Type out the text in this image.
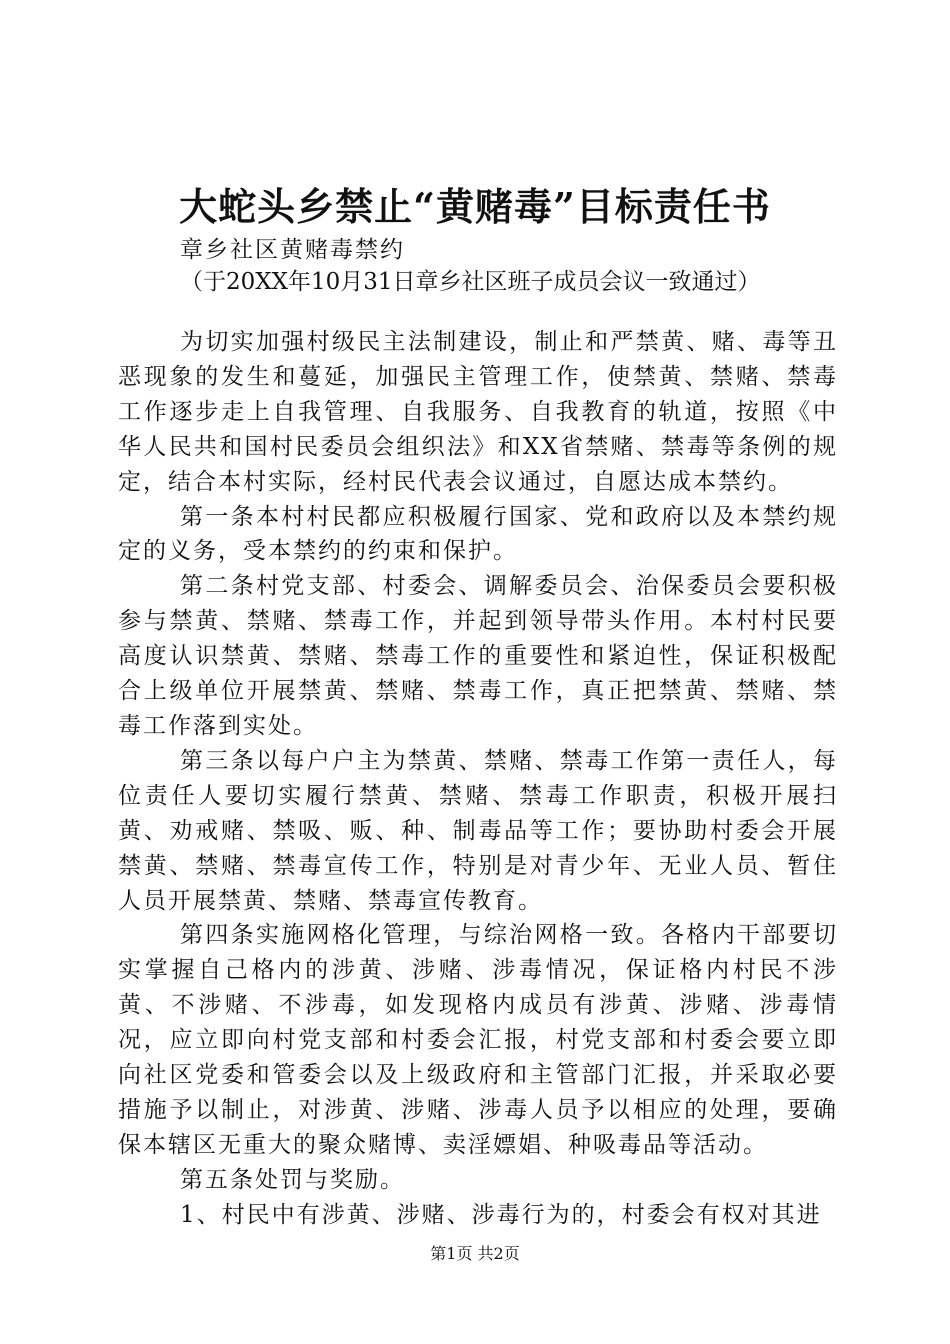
大蛇头乡禁止“黄赌毒”目标责任书
章乡社区黄赌毒禁约
（于20XX年10月31日章乡社区班子成员会议一致通过）

为切实加强村级民主法制建设，制止和严禁黄、赌、毒等丑恶现象的发生和蔓延，加强民主管理工作，使禁黄、禁赌、禁毒工作逐步走上自我管理、自我服务、自我教育的轨道，按照《中华人民共和国村民委员会组织法》和XX省禁赌、禁毒等条例的规定，结合本村实际，经村民代表会议通过，自愿达成本禁约。

第一条本村村民都应积极履行国家、党和政府以及本禁约规定的义务，受本禁约的约束和保护。

第二条村党支部、村委会、调解委员会、治保委员会要积极参与禁黄、禁赌、禁毒工作，并起到领导带头作用。本村村民要高度认识禁黄、禁赌、禁毒工作的重要性和紧迫性，保证积极配合上级单位开展禁黄、禁赌、禁毒工作，真正把禁黄、禁赌、禁毒工作落到实处。

第三条以每户户主为禁黄、禁赌、禁毒工作第一责任人，每位责任人要切实履行禁黄、禁赌、禁毒工作职责，积极开展扫黄、劝戒赌、禁吸、贩、种、制毒品等工作；要协助村委会开展禁黄、禁赌、禁毒宣传工作，特别是对青少年、无业人员、暂住人员开展禁黄、禁赌、禁毒宣传教育。

第四条实施网格化管理，与综治网格一致。各格内干部要切实掌握自己格内的涉黄、涉赌、涉毒情况，保证格内村民不涉黄、不涉赌、不涉毒，如发现格内成员有涉黄、涉赌、涉毒情况，应立即向村党支部和村委会汇报，村党支部和村委会要立即向社区党委和管委会以及上级政府和主管部门汇报，并采取必要措施予以制止，对涉黄、涉赌、涉毒人员予以相应的处理，要确保本辖区无重大的聚众赌博、卖淫嫖娼、种吸毒品等活动。

第五条处罚与奖励。

1、村民中有涉黄、涉赌、涉毒行为的，村委会有权对其进

第1页 共2页
